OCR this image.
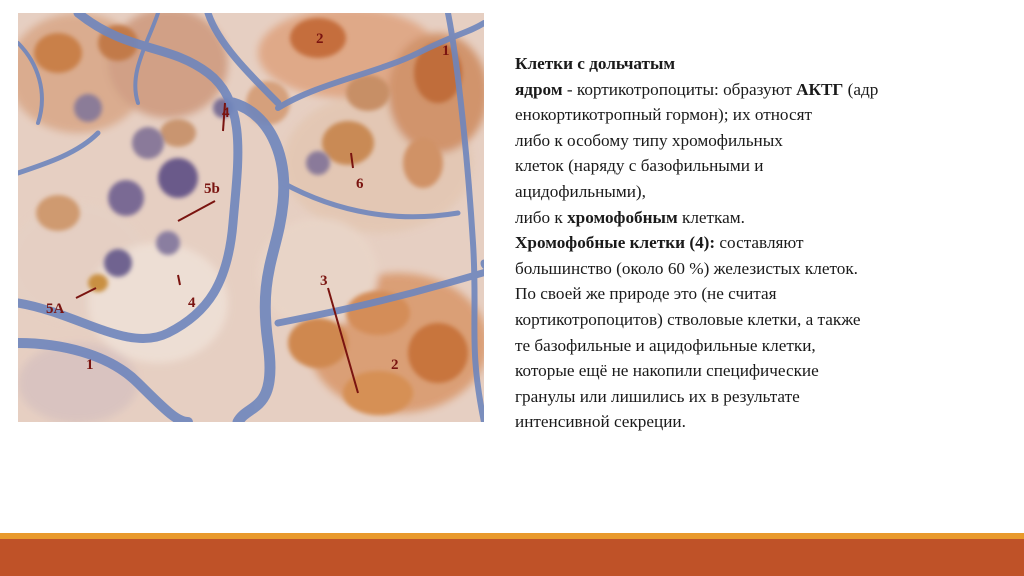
2
1
4
6
5b
5A	4
3
1	2
Клетки с дольчатым
ядром - кортикотропоциты: образуют АКТГ (адр
енокортикотропный гормон); их относят
либо к особому типу хромофильных
клеток (наряду с базофильными и
ацидофильными),
либо к хромофобным клеткам.
Хромофобные клетки (4): составляют
большинство (около 60 %) железистых клеток.
По своей же природе это (не считая
кортикотропоцитов) стволовые клетки, а также
те базофильные и ацидофильные клетки,
которые ещё не накопили специфические
гранулы или лишились их в результате
интенсивной секреции.
